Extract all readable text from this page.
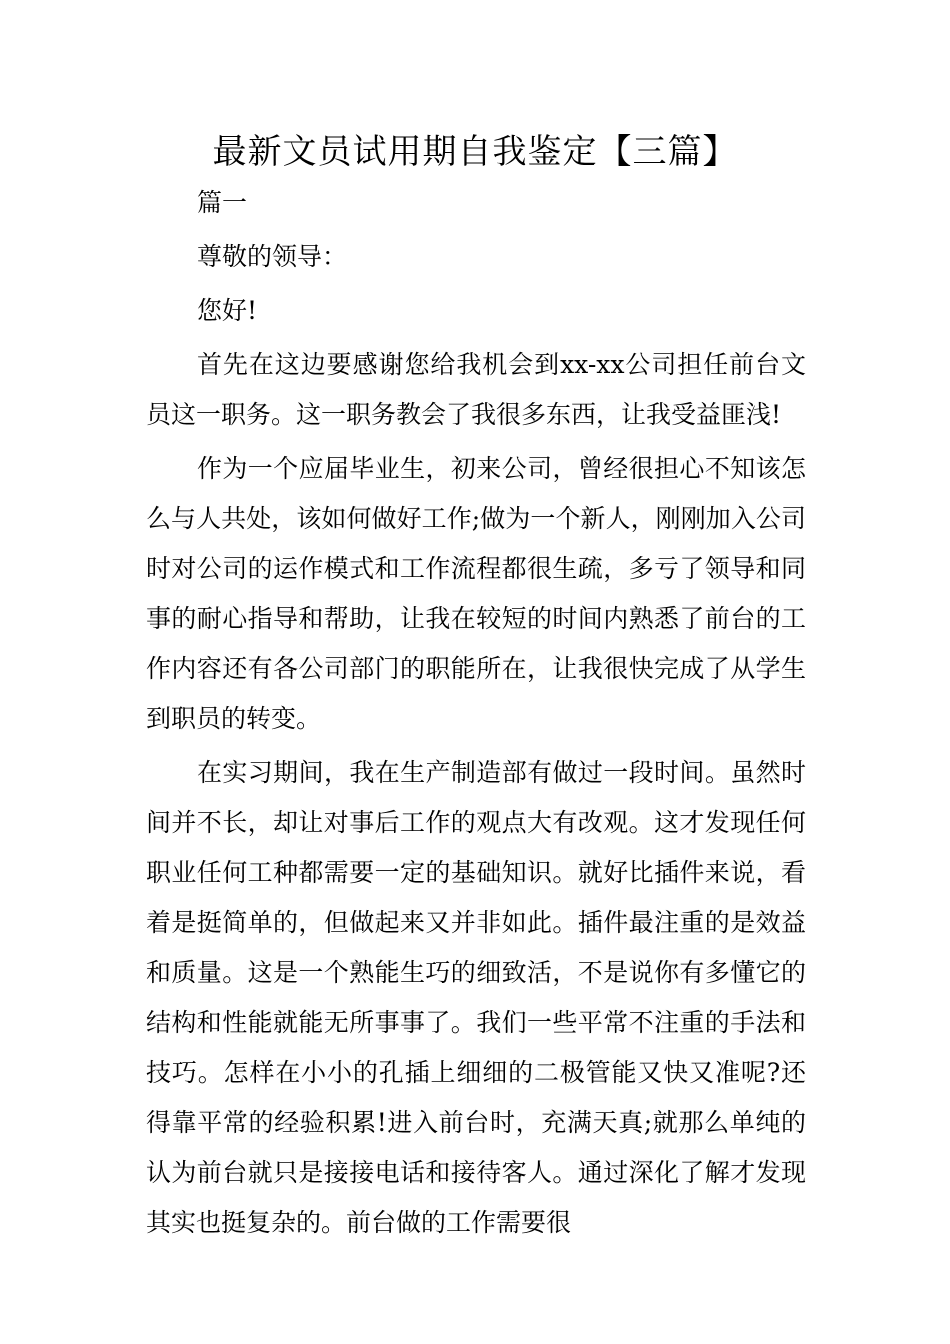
最新文员试用期自我鉴定【三篇】

篇一

尊敬的领导：

您好!

首先在这边要感谢您给我机会到xx-xx公司担任前台文员这一职务。这一职务教会了我很多东西，让我受益匪浅!

作为一个应届毕业生，初来公司，曾经很担心不知该怎么与人共处，该如何做好工作;做为一个新人，刚刚加入公司时对公司的运作模式和工作流程都很生疏，多亏了领导和同事的耐心指导和帮助，让我在较短的时间内熟悉了前台的工作内容还有各公司部门的职能所在，让我很快完成了从学生到职员的转变。

在实习期间，我在生产制造部有做过一段时间。虽然时间并不长，却让对事后工作的观点大有改观。这才发现任何职业任何工种都需要一定的基础知识。就好比插件来说，看着是挺简单的，但做起来又并非如此。插件最注重的是效益和质量。这是一个熟能生巧的细致活，不是说你有多懂它的结构和性能就能无所事事了。我们一些平常不注重的手法和技巧。怎样在小小的孔插上细细的二极管能又快又准呢?还得靠平常的经验积累!进入前台时，充满天真;就那么单纯的认为前台就只是接接电话和接待客人。通过深化了解才发现其实也挺复杂的。前台做的工作需要很
